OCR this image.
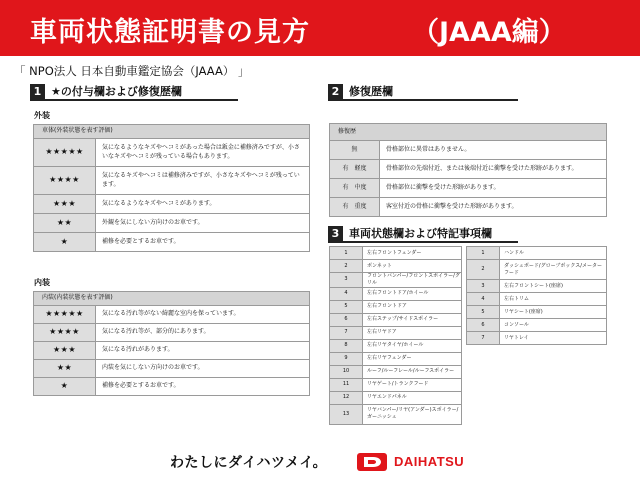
車両状態証明書の見方	（JAAA編）
「 NPO法人 日本自動車鑑定協会（JAAA） 」
1 ★の付与欄および修復歴欄
外装
車体(外装状態を表す評価)	
★★★★★	気になるようなキズやヘコミがあった場合は鈑金に補修済みですが、小さいなキズやヘコミが残っている場合もあります。
★★★★	気になるキズやヘコミは補修済みですが、小さなキズやヘコミが残っています。
★★★	気になるようなキズやヘコミがあります。
★★	外観を気にしない方向けのお車です。
★	補修を必要とするお車です。
内装
内装(内装状態を表す評価)	
★★★★★	気になる汚れ等がない綺麗な室内を保っています。
★★★★	気になる汚れ等が、部分的にあります。
★★★	気になる汚れがあります。
★★	内装を気にしない方向けのお車です。
★	補修を必要とするお車です。
2 修復歴欄
修復歴	
無	骨格部位に異常はありません。
有　軽度	骨格部位の先端付近、または後端付近に衝撃を受けた形跡があります。
有　中度	骨格部位に衝撃を受けた形跡があります。
有　重度	客室付近の骨格に衝撃を受けた形跡があります。
3 車両状態欄および特記事項欄
1	左右フロントフェンダー
2	ボンネット
3	フロントバンパー/フロントスポイラー/グリル
4	左右フロントドア/ホイール
5	左右フロントドア
6	左右ステップ/サイドスポイラー
7	左右リヤドア
8	左右リヤタイヤ/ホイール
9	左右リヤフェンダー
10	ルーフ/ルーフレール/ルーフスポイラー
11	リヤゲート/トランクフード
12	リヤエンドパネル
13	リヤバンパー/リヤ(アンダー)スポイラー/ガーニッシュ
1	ハンドル
2	ダッシュボード/グローブボックス/メーターフード
3	左右フロントシート(座席)
4	左右トリム
5	リヤシート(座席)
6	コンソール
7	リヤトレイ
わたしにダイハツメイ。	DAIHATSU
